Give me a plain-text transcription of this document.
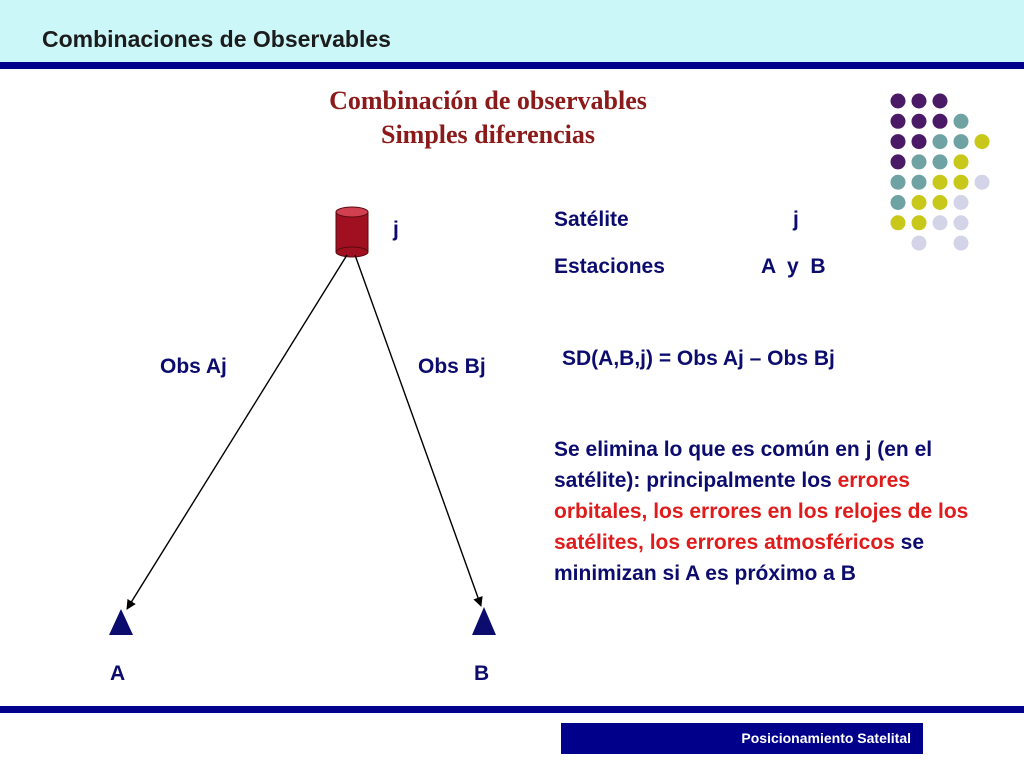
Combinaciones de Observables
Combinación de observables
Simples diferencias
j
Obs Aj	Obs Bj
A	B
Satélite	j
Estaciones	A  y  B
SD(A,B,j) = Obs Aj – Obs Bj
Se elimina lo que es común en j (en el satélite): principalmente los errores orbitales, los errores en los relojes de los satélites, los errores atmosféricos se minimizan si A es próximo a B
Posicionamiento Satelital
